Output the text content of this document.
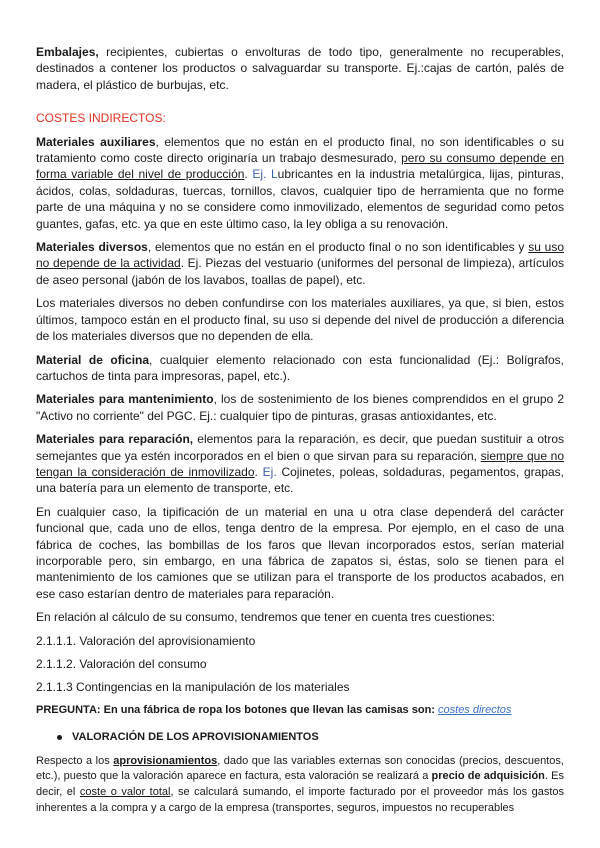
Embalajes, recipientes, cubiertas o envolturas de todo tipo, generalmente no recuperables, destinados a contener los productos o salvaguardar su transporte. Ej.:cajas de cartón, palés de madera, el plástico de burbujas, etc.

COSTES INDIRECTOS:

Materiales auxiliares, elementos que no están en el producto final, no son identificables o su tratamiento como coste directo originaría un trabajo desmesurado, pero su consumo depende en forma variable del nivel de producción. Ej. Lubricantes en la industria metalúrgica, lijas, pinturas, ácidos, colas, soldaduras, tuercas, tornillos, clavos, cualquier tipo de herramienta que no forme parte de una máquina y no se considere como inmovilizado, elementos de seguridad como petos guantes, gafas, etc. ya que en este último caso, la ley obliga a su renovación.

Materiales diversos, elementos que no están en el producto final o no son identificables y su uso no depende de la actividad. Ej. Piezas del vestuario (uniformes del personal de limpieza), artículos de aseo personal (jabón de los lavabos, toallas de papel), etc.

Los materiales diversos no deben confundirse con los materiales auxiliares, ya que, si bien, estos últimos, tampoco están en el producto final, su uso si depende del nivel de producción a diferencia de los materiales diversos que no dependen de ella.

Material de oficina, cualquier elemento relacionado con esta funcionalidad (Ej.: Bolígrafos, cartuchos de tinta para impresoras, papel, etc.).

Materiales para mantenimiento, los de sostenimiento de los bienes comprendidos en el grupo 2 "Activo no corriente" del PGC. Ej.: cualquier tipo de pinturas, grasas antioxidantes, etc.

Materiales para reparación, elementos para la reparación, es decir, que puedan sustituir a otros semejantes que ya estén incorporados en el bien o que sirvan para su reparación, siempre que no tengan la consideración de inmovilizado. Ej. Cojinetes, poleas, soldaduras, pegamentos, grapas, una batería para un elemento de transporte, etc.

En cualquier caso, la tipificación de un material en una u otra clase dependerá del carácter funcional que, cada uno de ellos, tenga dentro de la empresa. Por ejemplo, en el caso de una fábrica de coches, las bombillas de los faros que llevan incorporados estos, serían material incorporable pero, sin embargo, en una fábrica de zapatos si, éstas, solo se tienen para el mantenimiento de los camiones que se utilizan para el transporte de los productos acabados, en ese caso estarían dentro de materiales para reparación.

En relación al cálculo de su consumo, tendremos que tener en cuenta tres cuestiones:

2.1.1.1. Valoración del aprovisionamiento

2.1.1.2. Valoración del consumo

2.1.1.3 Contingencias en la manipulación de los materiales

PREGUNTA: En una fábrica de ropa los botones que llevan las camisas son: costes directos

VALORACIÓN DE LOS APROVISIONAMIENTOS

Respecto a los aprovisionamientos, dado que las variables externas son conocidas (precios, descuentos, etc.), puesto que la valoración aparece en factura, esta valoración se realizará a precio de adquisición. Es decir, el coste o valor total, se calculará sumando, el importe facturado por el proveedor más los gastos inherentes a la compra y a cargo de la empresa (transportes, seguros, impuestos no recuperables
